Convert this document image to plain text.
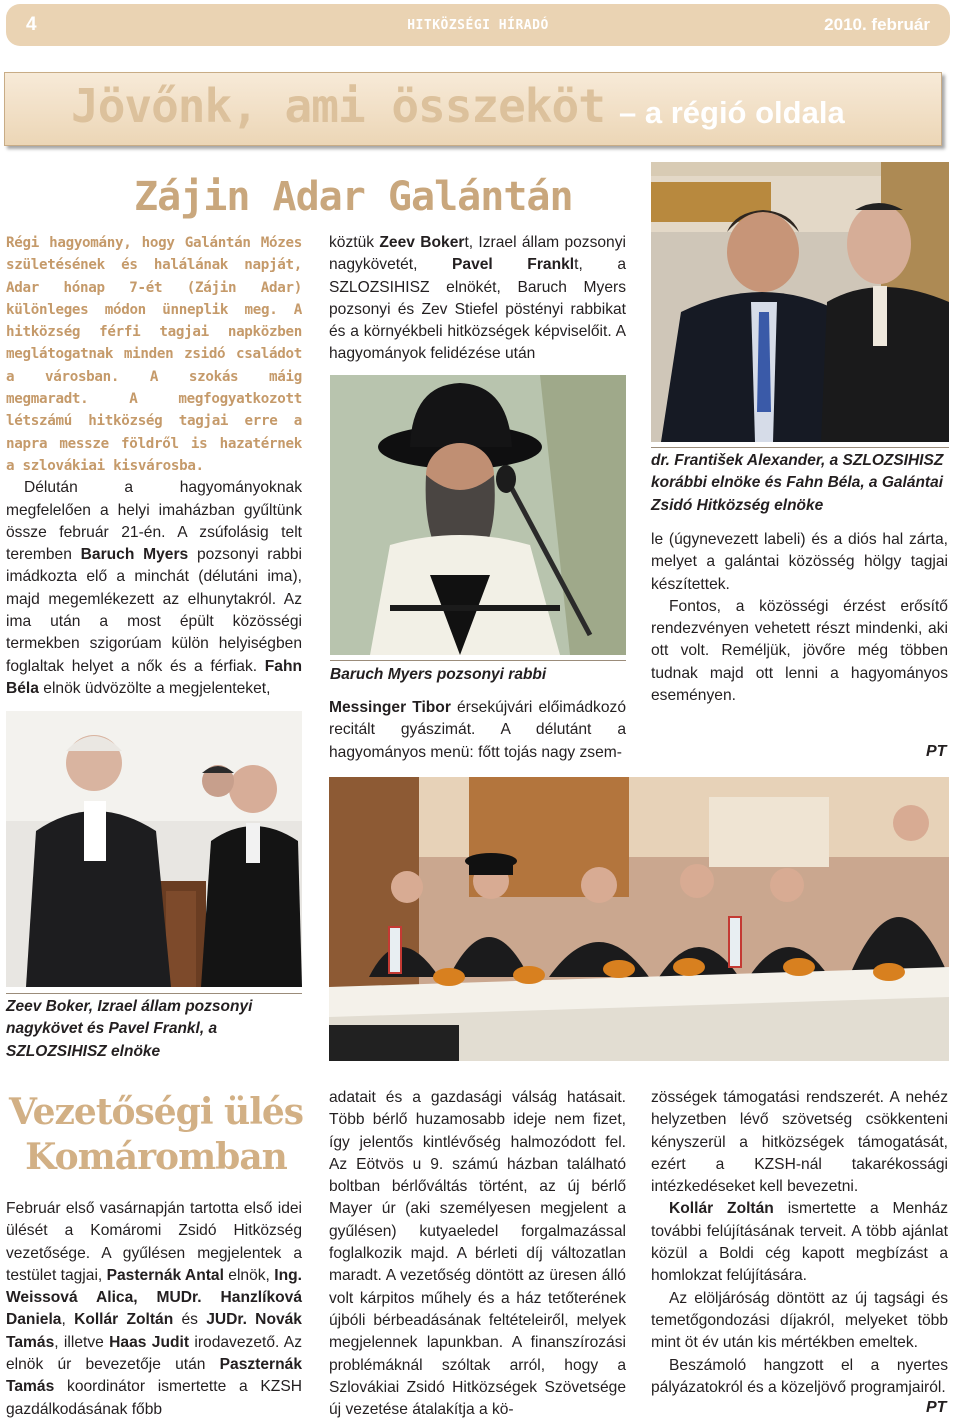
4	HITKÖZSÉGI HÍRADÓ	2010. február
Jövőnk, ami összeköt – a régió oldala
Zájin Adar Galántán
Régi hagyomány, hogy Galántán Mózes születésének és halálának napját, Adar hónap 7-ét (Zájin Adar) különleges módon ünneplik meg. A hitközség férfi tagjai napközben meglátogatnak minden zsidó családot a városban. A szokás máig megmaradt.	A megfogyatkozott létszámú hitközség tagjai erre a napra messze földről is hazatérnek a szlovákiai kisvárosba.

Délután a hagyományoknak megfelelően a helyi imaházban gyűltünk össze február 21-én. A zsúfolásig telt teremben Baruch Myers pozsonyi rabbi imádkozta elő a minchát (délutáni ima), majd megemlékezett az elhunytakról. Az ima után a most épült közösségi termekben szigorúam külön helyiségben foglaltak helyet a nők és a férfiak. Fahn Béla elnök üdvözölte a megjelenteket,

Zeev Boker, Izrael állam pozsonyi nagykövet és Pavel Frankl, a SZLOZSIHISZ elnöke

köztük Zeev Bokert, Izrael állam pozsonyi nagykövetét, Pavel Franklt, a SZLOZSIHISZ elnökét, Baruch Myers pozsonyi és Zev Stiefel pöstényi rabbikat és a környékbeli hitközségek képviselőit. A hagyományok felidézése után

Baruch Myers pozsonyi rabbi

Messinger Tibor érsekújvári előimádkozó recitált gyászimát. A délutánt a hagyományos menü: főtt tojás nagy zsem-

dr. František Alexander, a SZLOZSIHISZ korábbi elnöke és Fahn Béla, a Galántai Zsidó Hitközség elnöke

le (úgynevezett labeli) és a diós hal zárta, melyet a galántai közösség hölgy tagjai készítettek.

Fontos, a közösségi érzést erősítő rendezvényen vehetett részt mindenki, aki ott volt. Reméljük, jövőre még többen tudnak majd ott lenni a hagyományos eseményen.

PT
Vezetőségi ülés
Komáromban

Február első vasárnapján tartotta első idei ülését a Komáromi Zsidó Hitközség vezetősége. A gyűlésen megjelentek a testület tagjai, Pasternák Antal elnök, Ing. Weissová Alica, MUDr. Hanzlíková Daniela, Kollár Zoltán és JUDr. Novák Tamás, illetve Haas Judit irodavezető. Az elnök úr bevezetője után Paszternák Tamás koordinátor ismertette a KZSH gazdálkodásának főbb

adatait és a gazdasági válság hatásait. Több bérlő huzamosabb ideje nem fizet, így jelentős kintlévőség halmozódott fel. Az Eötvös u 9. számú házban található boltban bérlőváltás történt, az új bérlő Mayer úr (aki személyesen megjelent a gyűlésen) kutyaeledel forgalmazással foglalkozik majd. A bérleti díj változatlan maradt. A vezetőség döntött az üresen álló volt kárpitos műhely és a ház tetőterének újbóli bérbeadásának feltételeiről, melyek megjelennek lapunkban. A finanszírozási problémáknál szóltak arról, hogy a Szlovákiai Zsidó Hitközségek Szövetsége új vezetése átalakítja a kö-

zösségek támogatási rendszerét. A nehéz helyzetben lévő szövetség csökkenteni kényszerül a hitközségek támogatását, ezért a KZSH-nál takarékossági intézkedéseket kell bevezetni.

Kollár Zoltán ismertette a Menház további felújításának terveit. A több ajánlat közül a Boldi cég kapott megbízást a homlokzat felújítására.

Az elöljáróság döntött az új tagsági és temetőgondozási díjakról, melyeket több mint öt év után kis mértékben emeltek.

Beszámoló hangzott el a nyertes pályázatokról és a közeljövő programjairól.

PT
